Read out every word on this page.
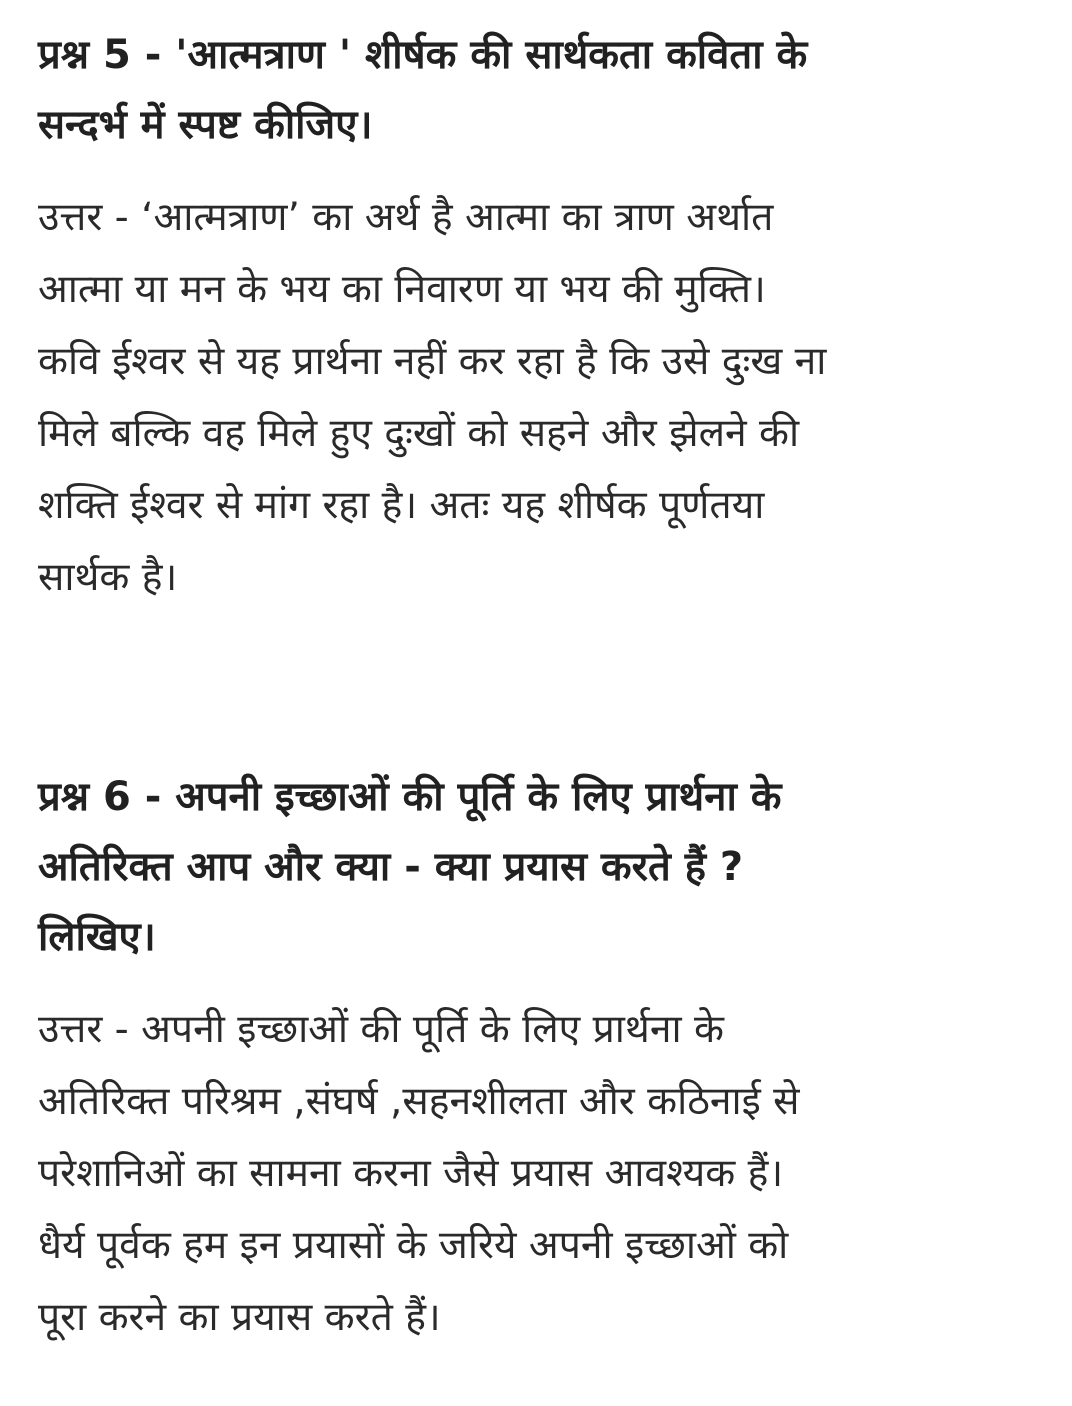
प्रश्न 5 - 'आत्मत्राण ' शीर्षक की सार्थकता कविता के
सन्दर्भ में स्पष्ट कीजिए।

उत्तर - ‘आत्मत्राण’ का अर्थ है आत्मा का त्राण अर्थात
आत्मा या मन के भय का निवारण या भय की मुक्ति।
कवि ईश्वर से यह प्रार्थना नहीं कर रहा है कि उसे दुःख ना
मिले बल्कि वह मिले हुए दुःखों को सहने और झेलने की
शक्ति ईश्वर से मांग रहा है। अतः यह शीर्षक पूर्णतया
सार्थक है।

प्रश्न 6 - अपनी इच्छाओं की पूर्ति के लिए प्रार्थना के
अतिरिक्त आप और क्या - क्या प्रयास करते हैं ?
लिखिए।

उत्तर - अपनी इच्छाओं की पूर्ति के लिए प्रार्थना के
अतिरिक्त परिश्रम ,संघर्ष ,सहनशीलता और कठिनाई से
परेशानिओं का सामना करना जैसे प्रयास आवश्यक हैं।
धैर्य पूर्वक हम इन प्रयासों के जरिये अपनी इच्छाओं को
पूरा करने का प्रयास करते हैं।
